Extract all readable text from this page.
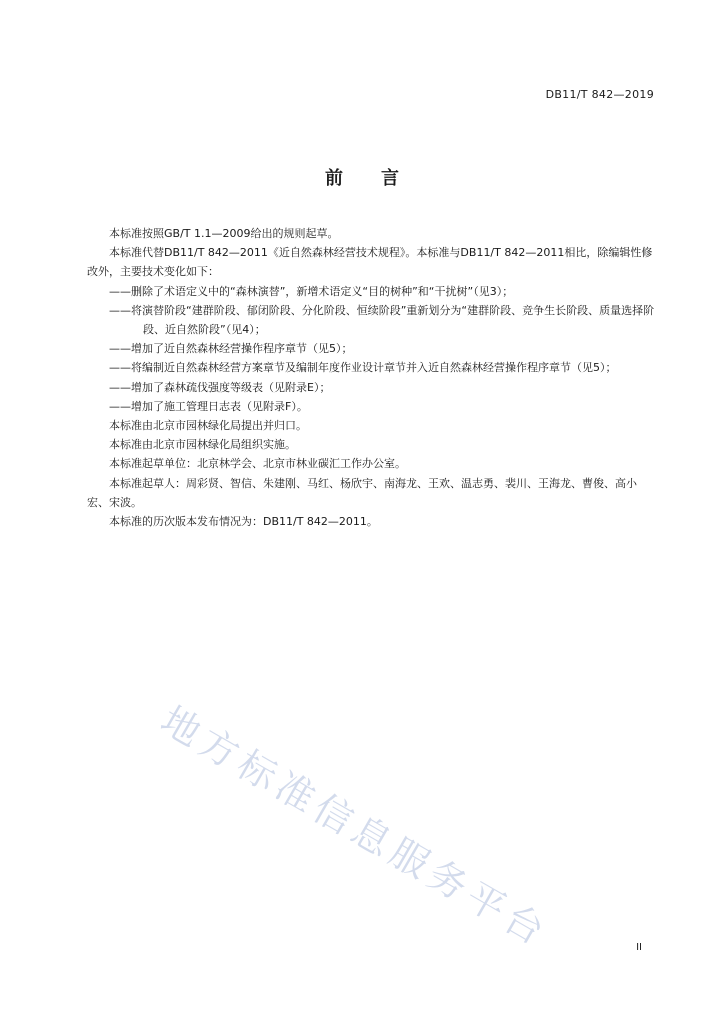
DB11/T 842—2019
前 言

本标准按照GB/T 1.1—2009给出的规则起草。

本标准代替DB11/T 842—2011《近自然森林经营技术规程》。本标准与DB11/T 842—2011相比，除编辑性修改外，主要技术变化如下：

——删除了术语定义中的“森林演替”，新增术语定义“目的树种”和“干扰树”（见3）；

——将演替阶段“建群阶段、郁闭阶段、分化阶段、恒续阶段”重新划分为“建群阶段、竞争生长阶段、质量选择阶段、近自然阶段”（见4）；

——增加了近自然森林经营操作程序章节（见5）；

——将编制近自然森林经营方案章节及编制年度作业设计章节并入近自然森林经营操作程序章节（见5）；

——增加了森林疏伐强度等级表（见附录E）；

——增加了施工管理日志表（见附录F）。

本标准由北京市园林绿化局提出并归口。

本标准由北京市园林绿化局组织实施。

本标准起草单位：北京林学会、北京市林业碳汇工作办公室。

本标准起草人：周彩贤、智信、朱建刚、马红、杨欣宇、南海龙、王欢、温志勇、裴川、王海龙、曹俊、高小宏、宋波。

本标准的历次版本发布情况为：DB11/T 842—2011。

地方标准信息服务平台	II
